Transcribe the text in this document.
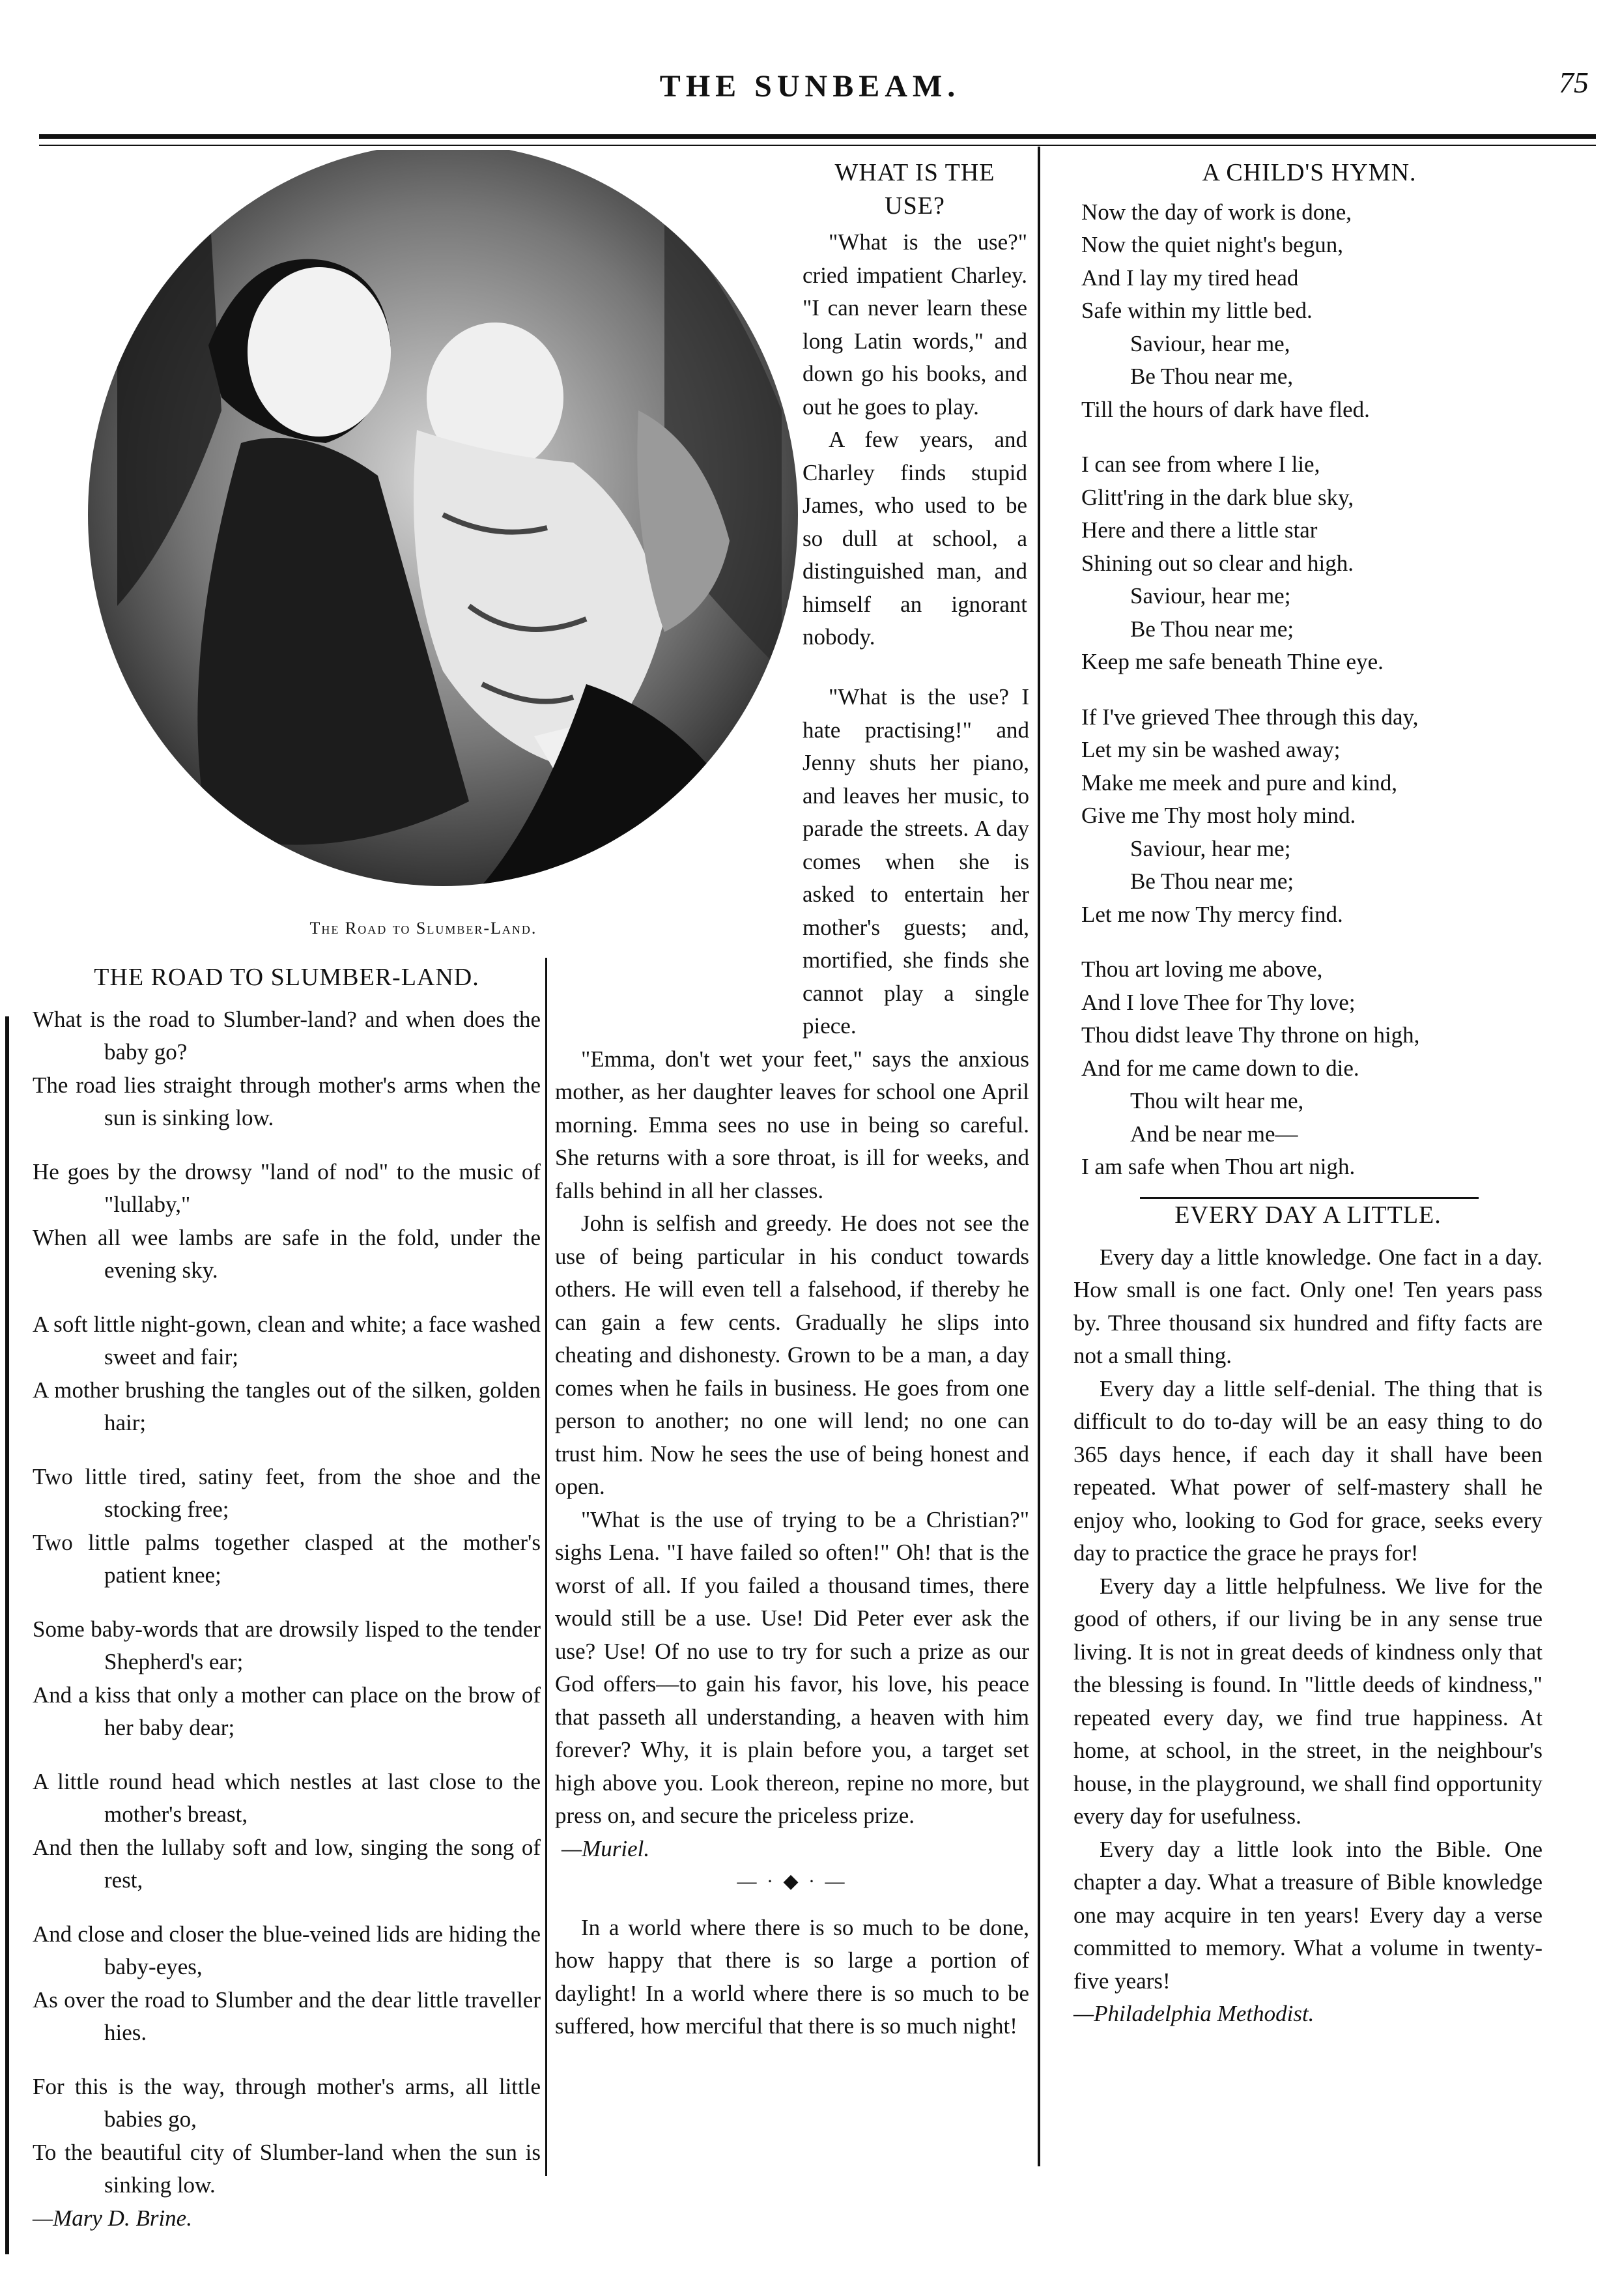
THE SUNBEAM.	75
The Road to Slumber-Land.
THE ROAD TO SLUMBER-LAND.

What is the road to Slumber-land? and when does the baby go?

The road lies straight through mother's arms when the sun is sinking low.

He goes by the drowsy "land of nod" to the music of "lullaby,"

When all wee lambs are safe in the fold, under the evening sky.

A soft little night-gown, clean and white; a face washed sweet and fair;

A mother brushing the tangles out of the silken, golden hair;

Two little tired, satiny feet, from the shoe and the stocking free;

Two little palms together clasped at the mother's patient knee;

Some baby-words that are drowsily lisped to the tender Shepherd's ear;

And a kiss that only a mother can place on the brow of her baby dear;

A little round head which nestles at last close to the mother's breast,

And then the lullaby soft and low, singing the song of rest,

And close and closer the blue-veined lids are hiding the baby-eyes,

As over the road to Slumber and the dear little traveller hies.

For this is the way, through mother's arms, all little babies go,

To the beautiful city of Slumber-land when the sun is sinking low.

—Mary D. Brine.

WHAT IS THE USE?

"What is the use?" cried impatient Charley. "I can never learn these long Latin words," and down go his books, and out he goes to play.

A few years, and Charley finds stupid James, who used to be so dull at school, a distinguished man, and himself an ignorant nobody.

"What is the use? I hate practising!" and Jenny shuts her piano, and leaves her music, to parade the streets. A day comes when she is asked to entertain her mother's guests; and, mortified, she finds she cannot play a single piece.

"Emma, don't wet your feet," says the anxious mother, as her daughter leaves for school one April morning. Emma sees no use in being so careful. She returns with a sore throat, is ill for weeks, and falls behind in all her classes.

John is selfish and greedy. He does not see the use of being particular in his conduct towards others. He will even tell a falsehood, if thereby he can gain a few cents. Gradually he slips into cheating and dishonesty. Grown to be a man, a day comes when he fails in business. He goes from one person to another; no one will lend; no one can trust him. Now he sees the use of being honest and open.

"What is the use of trying to be a Christian?" sighs Lena. "I have failed so often!" Oh! that is the worst of all. If you failed a thousand times, there would still be a use. Use! Did Peter ever ask the use? Use! Of no use to try for such a prize as our God offers—to gain his favor, his love, his peace that passeth all understanding, a heaven with him forever? Why, it is plain before you, a target set high above you. Look thereon, repine no more, but press on, and secure the priceless prize.

—Muriel.

— · ◆ · —

In a world where there is so much to be done, how happy that there is so large a portion of daylight! In a world where there is so much to be suffered, how merciful that there is so much night!

A CHILD'S HYMN.

Now the day of work is done,

Now the quiet night's begun,

And I lay my tired head

Safe within my little bed.

Saviour, hear me,

Be Thou near me,

Till the hours of dark have fled.

I can see from where I lie,

Glitt'ring in the dark blue sky,

Here and there a little star

Shining out so clear and high.

Saviour, hear me;

Be Thou near me;

Keep me safe beneath Thine eye.

If I've grieved Thee through this day,

Let my sin be washed away;

Make me meek and pure and kind,

Give me Thy most holy mind.

Saviour, hear me;

Be Thou near me;

Let me now Thy mercy find.

Thou art loving me above,

And I love Thee for Thy love;

Thou didst leave Thy throne on high,

And for me came down to die.

Thou wilt hear me,

And be near me—

I am safe when Thou art nigh.

EVERY DAY A LITTLE.

Every day a little knowledge. One fact in a day. How small is one fact. Only one! Ten years pass by. Three thousand six hundred and fifty facts are not a small thing.

Every day a little self-denial. The thing that is difficult to do to-day will be an easy thing to do 365 days hence, if each day it shall have been repeated. What power of self-mastery shall he enjoy who, looking to God for grace, seeks every day to practice the grace he prays for!

Every day a little helpfulness. We live for the good of others, if our living be in any sense true living. It is not in great deeds of kindness only that the blessing is found. In "little deeds of kindness," repeated every day, we find true happiness. At home, at school, in the street, in the neighbour's house, in the playground, we shall find opportunity every day for usefulness.

Every day a little look into the Bible. One chapter a day. What a treasure of Bible knowledge one may acquire in ten years! Every day a verse committed to memory. What a volume in twenty-five years!

—Philadelphia Methodist.
